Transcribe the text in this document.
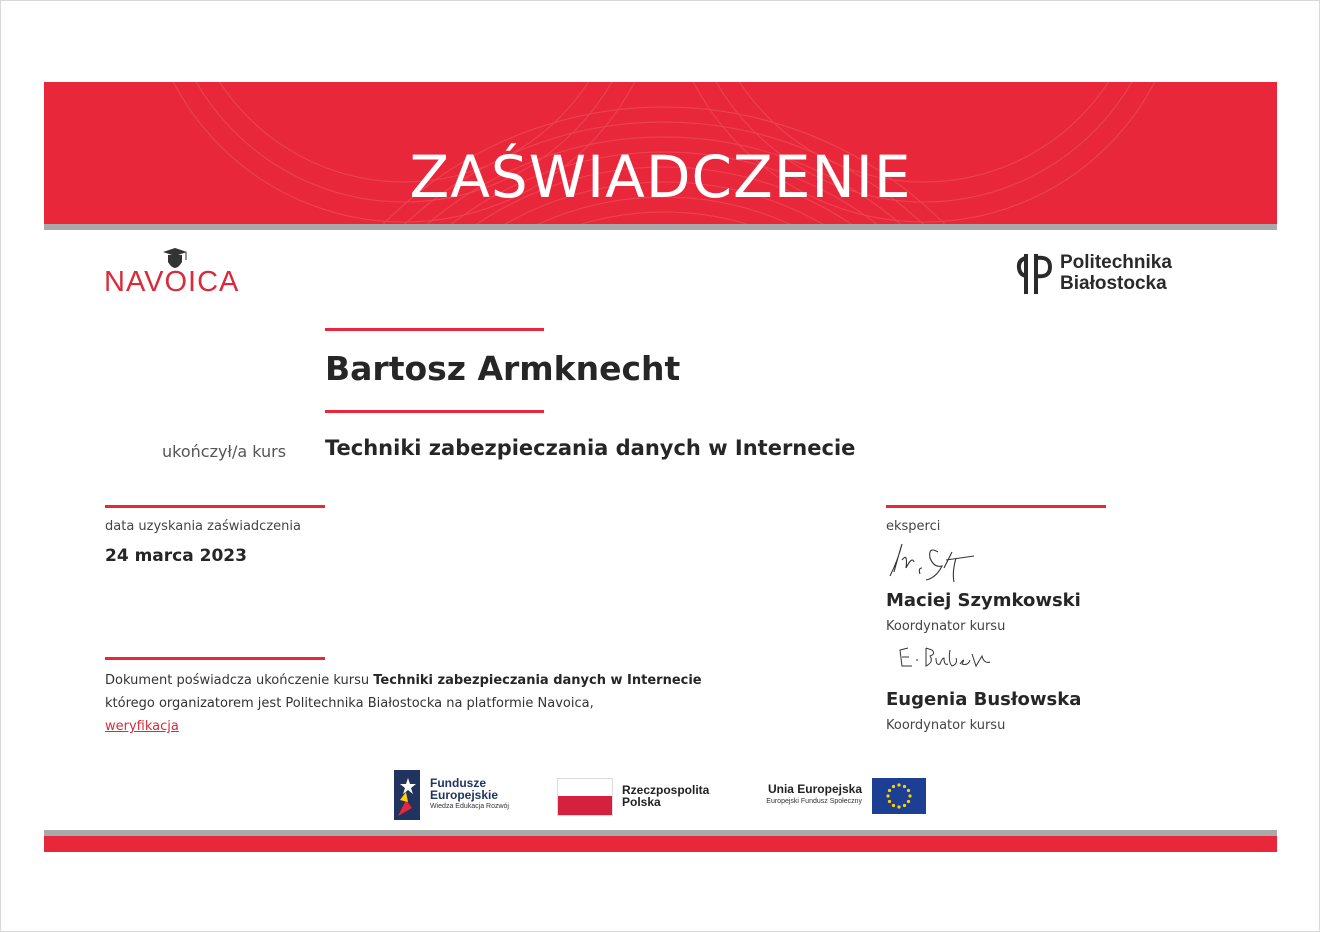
ZAŚWIADCZENIE
NAVOICA
Politechnika
Białostocka
Bartosz Armknecht
ukończył/a kurs Techniki zabezpieczania danych w Internecie
data uzyskania zaświadczenia
24 marca 2023
Dokument poświadcza ukończenie kursu Techniki zabezpieczania danych w Internecie którego organizatorem jest Politechnika Białostocka na platformie Navoica,
weryfikacja
eksperci
Maciej Szymkowski
Koordynator kursu
Eugenia Busłowska
Koordynator kursu
Fundusze
Europejskie
Wiedza Edukacja Rozwój
Rzeczpospolita
Polska
Unia Europejska
Europejski Fundusz Społeczny
